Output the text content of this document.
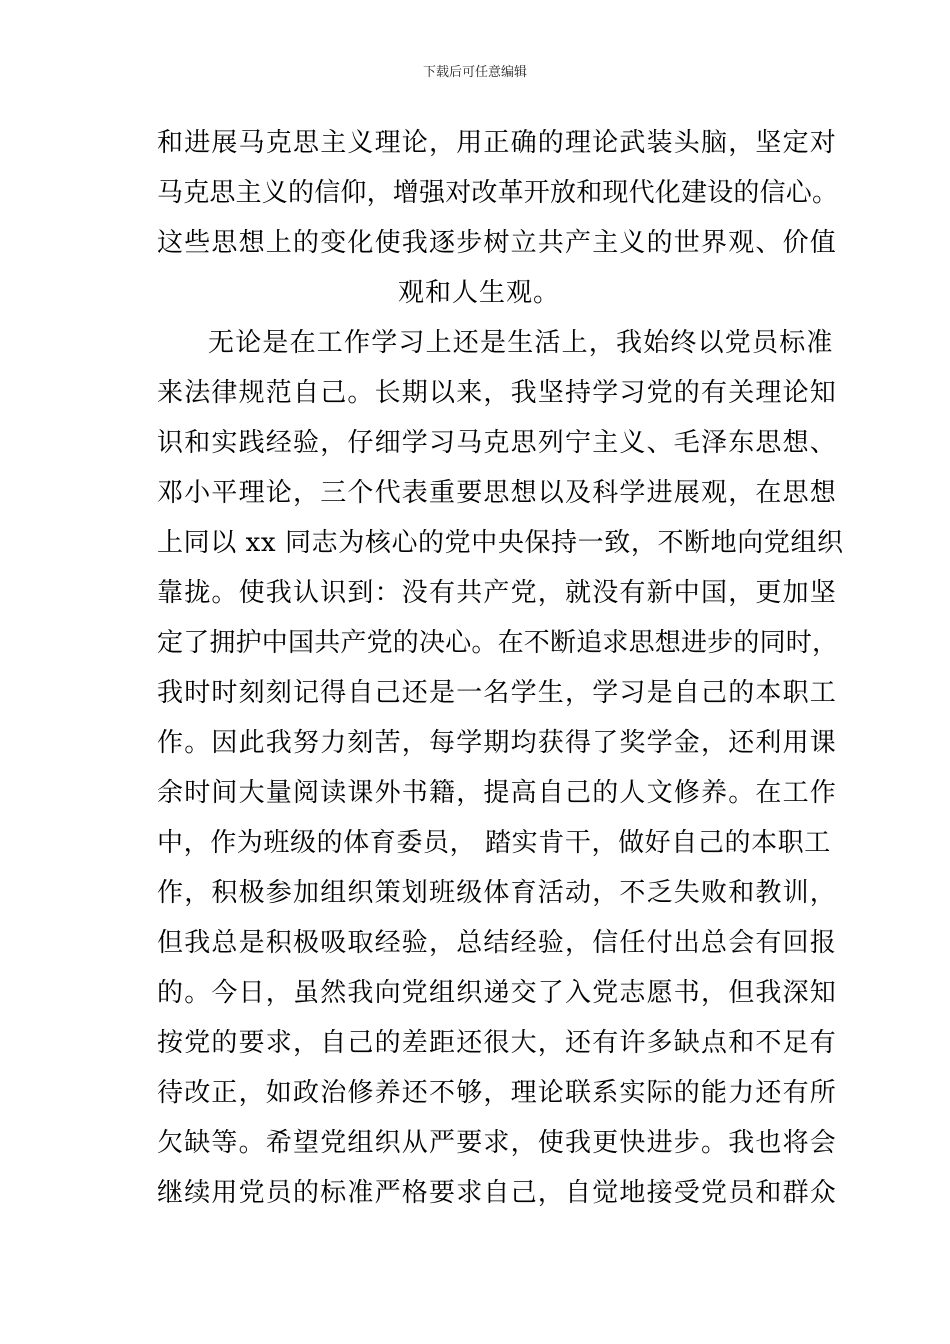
下载后可任意编辑
和进展马克思主义理论，用正确的理论武装头脑，坚定对
马克思主义的信仰，增强对改革开放和现代化建设的信心。
这些思想上的变化使我逐步树立共产主义的世界观、价值
观和人生观。
无论是在工作学习上还是生活上，我始终以党员标准
来法律规范自己。长期以来，我坚持学习党的有关理论知
识和实践经验，仔细学习马克思列宁主义、毛泽东思想、
邓小平理论，三个代表重要思想以及科学进展观，在思想
上同以 xx 同志为核心的党中央保持一致，不断地向党组织
靠拢。使我认识到：没有共产党，就没有新中国，更加坚
定了拥护中国共产党的决心。在不断追求思想进步的同时，
我时时刻刻记得自己还是一名学生，学习是自己的本职工
作。因此我努力刻苦，每学期均获得了奖学金，还利用课
余时间大量阅读课外书籍，提高自己的人文修养。在工作
中，作为班级的体育委员， 踏实肯干，做好自己的本职工
作，积极参加组织策划班级体育活动，不乏失败和教训，
但我总是积极吸取经验，总结经验，信任付出总会有回报
的。今日，虽然我向党组织递交了入党志愿书，但我深知
按党的要求，自己的差距还很大，还有许多缺点和不足有
待改正，如政治修养还不够，理论联系实际的能力还有所
欠缺等。希望党组织从严要求，使我更快进步。我也将会
继续用党员的标准严格要求自己，自觉地接受党员和群众
